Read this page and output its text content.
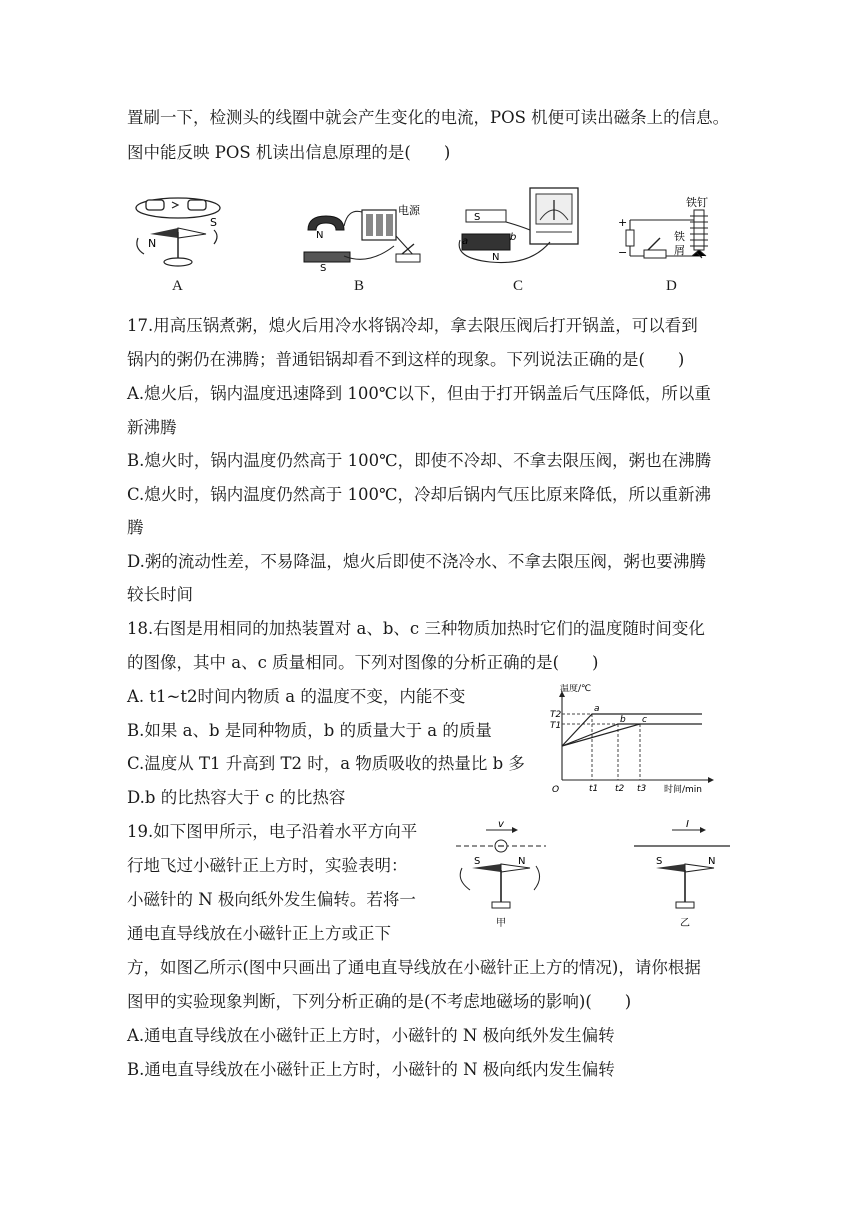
置刷一下，检测头的线圈中就会产生变化的电流，POS 机便可读出磁条上的信息。
图中能反映 POS 机读出信息原理的是(　　)
S
N
A
N
S
电源
B
a	b
S
N
C
+
−
铁钉
铁
屑
D
17.用高压锅煮粥，熄火后用冷水将锅冷却，拿去限压阀后打开锅盖，可以看到
锅内的粥仍在沸腾；普通铝锅却看不到这样的现象。下列说法正确的是(　　)
A.熄火后，锅内温度迅速降到 100℃以下，但由于打开锅盖后气压降低，所以重
新沸腾
B.熄火时，锅内温度仍然高于 100℃，即使不冷却、不拿去限压阀，粥也在沸腾
C.熄火时，锅内温度仍然高于 100℃，冷却后锅内气压比原来降低，所以重新沸
腾
D.粥的流动性差，不易降温，熄火后即使不浇冷水、不拿去限压阀，粥也要沸腾
较长时间
18.右图是用相同的加热装置对 a、b、c 三种物质加热时它们的温度随时间变化
的图像，其中 a、c 质量相同。下列对图像的分析正确的是(　　)
A. t1~t2时间内物质 a 的温度不变，内能不变
B.如果 a、b 是同种物质，b 的质量大于 a 的质量
C.温度从 T1 升高到 T2 时，a 物质吸收的热量比 b 多
D.b 的比热容大于 c 的比热容
温度/℃
时间/min
O
T2
T1
t1 t2 t3
a
b c
19.如下图甲所示，电子沿着水平方向平
行地飞过小磁针正上方时，实验表明：
小磁针的 N 极向纸外发生偏转。若将一
通电直导线放在小磁针正上方或正下
方，如图乙所示(图中只画出了通电直导线放在小磁针正上方的情况)，请你根据
图甲的实验现象判断，下列分析正确的是(不考虑地磁场的影响)(　　)
A.通电直导线放在小磁针正上方时，小磁针的 N 极向纸外发生偏转
B.通电直导线放在小磁针正上方时，小磁针的 N 极向纸内发生偏转
v
S	N
甲
I
S	N
乙
